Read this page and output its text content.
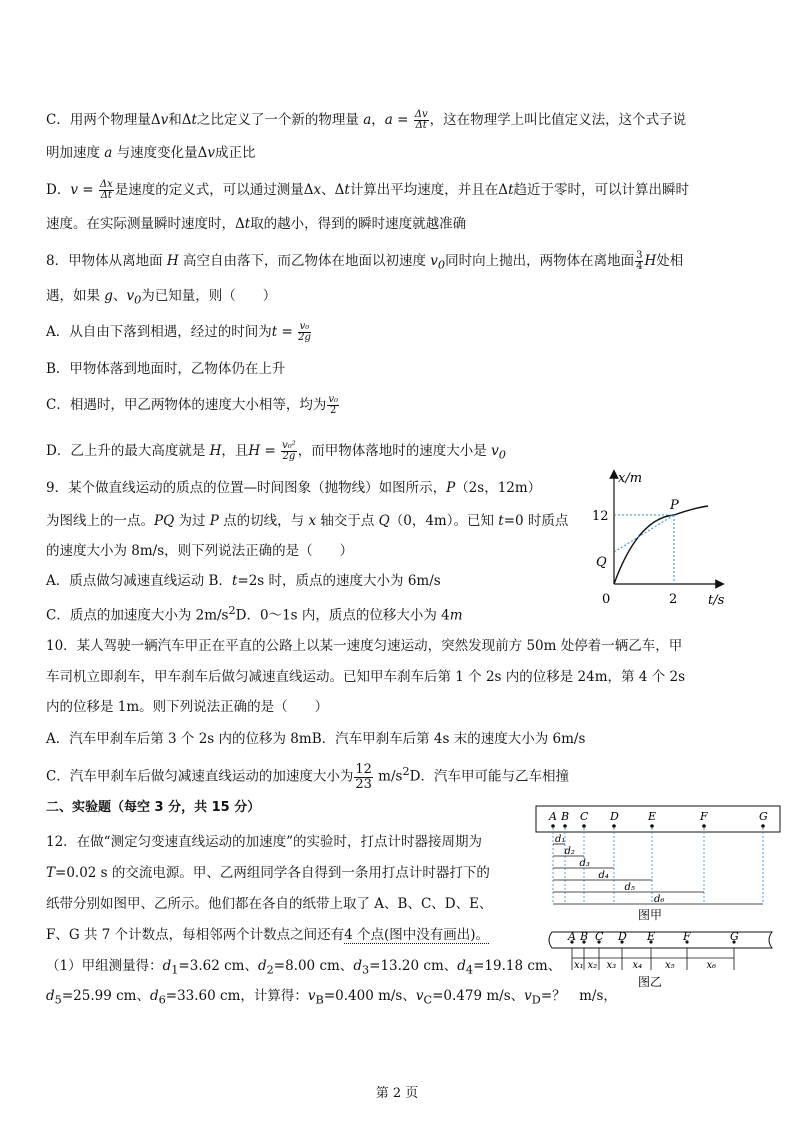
C．用两个物理量Δv和Δt之比定义了一个新的物理量 a，$a = \frac{\Delta v}{\Delta t}$ ，这在物理学上叫比值定义法，这个式子说
明加速度 a 与速度变化量Δv成正比
D．$v = \frac{\Delta x}{\Delta t}$ 是速度的定义式，可以通过测量Δx、Δt计算出平均速度，并且在Δt趋近于零时，可以计算出瞬时
速度。在实际测量瞬时速度时，Δt取的越小，得到的瞬时速度就越准确
8．甲物体从离地面 H 高空自由落下，而乙物体在地面以初速度 $v_0$同时向上抛出，两物体在离地面 $\frac{3}{4}$ H处相
遇，如果 g、$v_0$为已知量，则（　　）
A．从自由下落到相遇，经过的时间为$t = \frac{\text{v₀}}{2g}$
B．甲物体落到地面时，乙物体仍在上升
C．相遇时，甲乙两物体的速度大小相等，均为 $\frac{\text{v₀}}{2}$
D．乙上升的最大高度就是 H，且$H = \frac{\text{v₀²}}{2g}$ ，而甲物体落地时的速度大小是 $v_0$
9．某个做直线运动的质点的位置—时间图象（抛物线）如图所示，P（2s，12m）
为图线上的一点。PQ 为过 P 点的切线，与 x 轴交于点 Q（0，4m）。已知 t=0 时质点
的速度大小为 8m/s，则下列说法正确的是（　　）
A．质点做匀减速直线运动 B．t=2s 时，质点的速度大小为 6m/s
C．质点的加速度大小为 $2m/s^2D$．0～1s 内，质点的位移大小为 4m
x/m
t/s
P
Q
12
2
0
10．某人驾驶一辆汽车甲正在平直的公路上以某一速度匀速运动，突然发现前方 50m 处停着一辆乙车，甲
车司机立即刹车，甲车刹车后做匀减速直线运动。已知甲车刹车后第 1 个 2s 内的位移是 24m，第 4 个 2s
内的位移是 1m。则下列说法正确的是（　　）
A．汽车甲刹车后第 3 个 2s 内的位移为 8mB．汽车甲刹车后第 4s 末的速度大小为 6m/s
C．汽车甲刹车后做匀减速直线运动的加速度大小为 $\frac{12}{23} m/s^2D$．汽车甲可能与乙车相撞
二、实验题（每空 3 分，共 15 分）
12．在做“测定匀变速直线运动的加速度”的实验时，打点计时器接周期为
T=0.02 s 的交流电源。甲、乙两组同学各自得到一条用打点计时器打下的
纸带分别如图甲、乙所示。他们都在各自的纸带上取了 A、B、C、D、E、
F、G 共 7 个计数点，每相邻两个计数点之间还有4 个点(图中没有画出)。
（1）甲组测量得：$d_1=3.62$ cm、$d_2=8.00$ cm、$d_3=13.20$ cm、$d_4=19.18$ cm、
$d_5=25.99$ cm、$d_6=33.60$ cm，计算得：$v_B=0.400$ m/s、$v_C=0.479$ m/s、$v_D=$？　m/s，
A B C D	E	F	G
d₁
d₂
d₃
d₄
d₅
d₆
图甲
A B C D E	F	G
x₁ x₂ x₃ x₄ x₅	x₆
图乙
第 2 页
